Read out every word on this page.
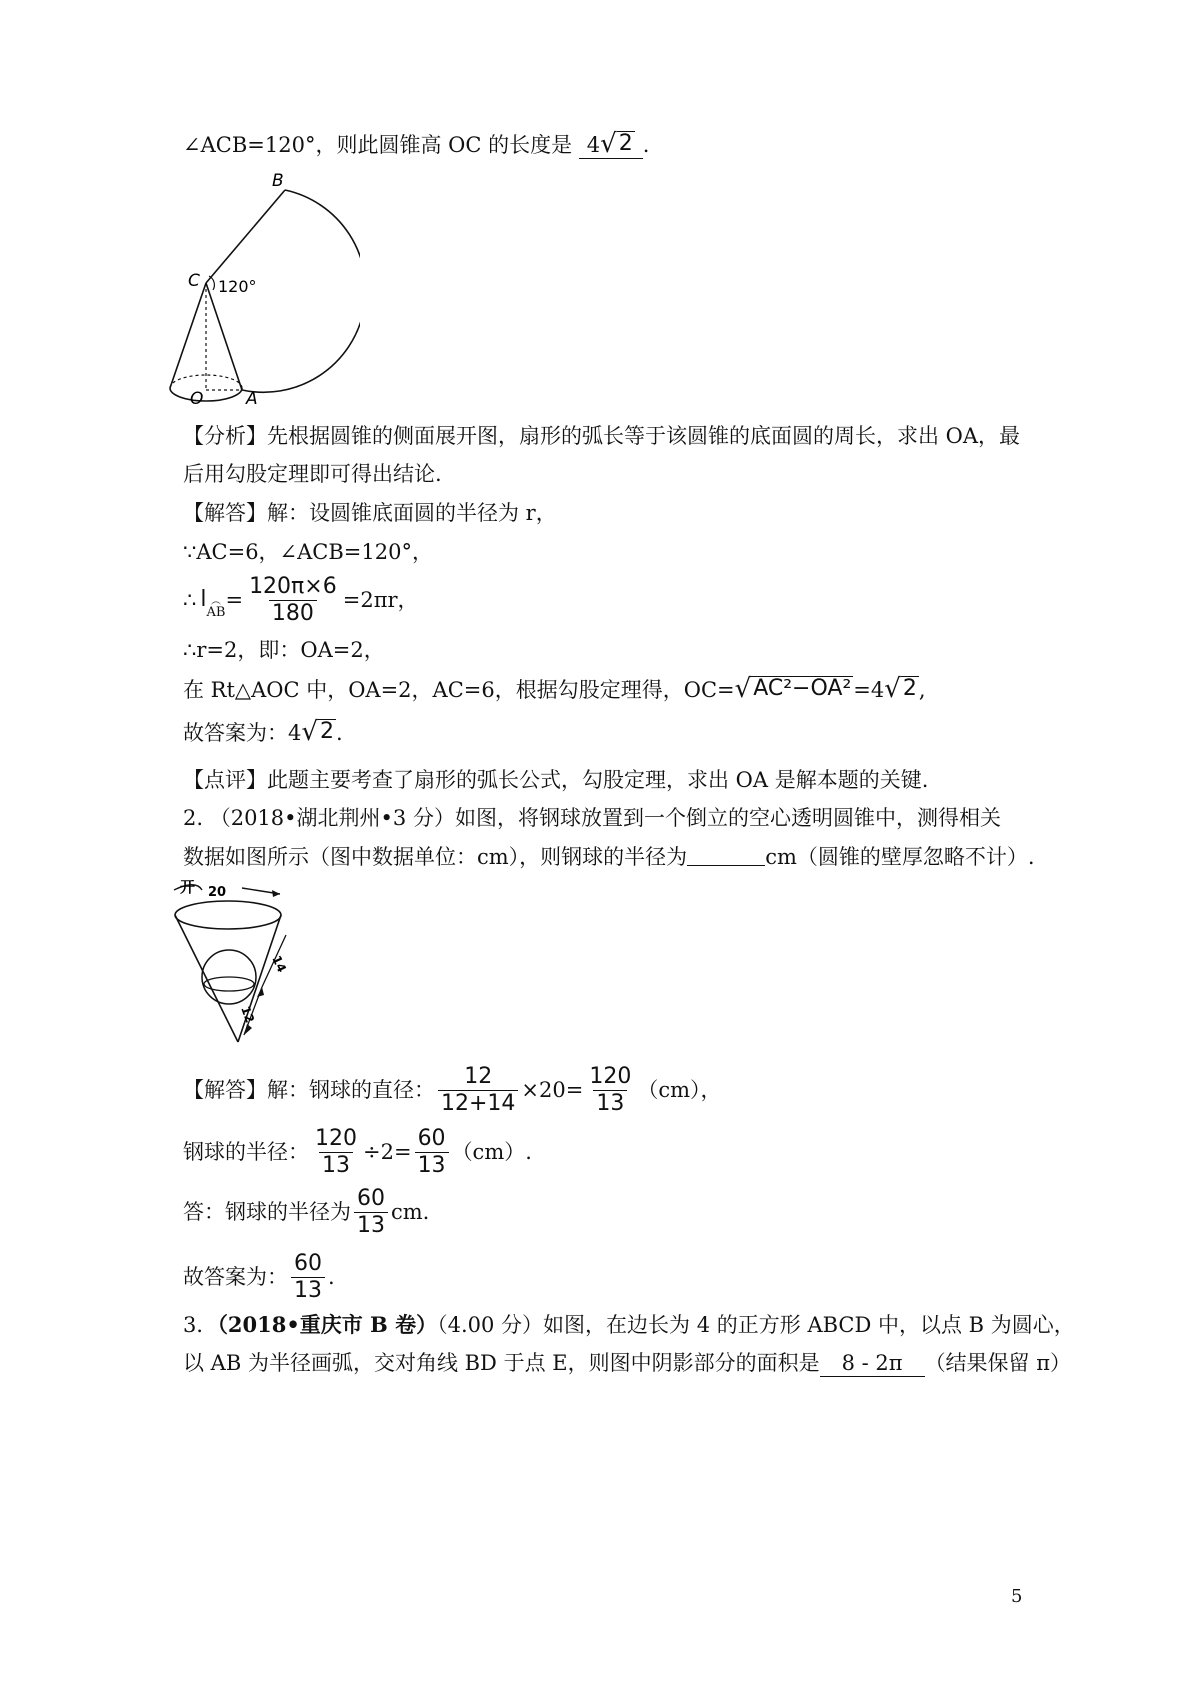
∠ACB=120°，则此圆锥高 OC 的长度是 4 √ 2 .
B
C 120°
O	A
【分析】先根据圆锥的侧面展开图，扇形的弧长等于该圆锥的底面圆的周长，求出 OA，最
后用勾股定理即可得出结论.
【解答】解：设圆锥底面圆的半径为 r，
∵AC=6，∠ACB=120°，
∴ l ︵
AB = $\frac{120\pi\times 6}{180} =2\pi r$，
∴r=2，即：OA=2，
在 Rt△AOC 中，OA=2，AC=6，根据勾股定理得，OC= √ AC²−OA² =4 √ 2 ,
故答案为：4 √ 2 .
【点评】此题主要考查了扇形的弧长公式，勾股定理，求出 OA 是解本题的关键.
2. （2018•湖北荆州•3 分）如图，将钢球放置到一个倒立的空心透明圆锥中，测得相关
数据如图所示（图中数据单位：cm），则钢球的半径为	cm（圆锥的壁厚忽略不计）.
20
开
14
12
【解答】解：钢球的直径： $\frac{12}{12+14} \times 20= \frac{120}{13} (cm)$，
钢球的半径： $\frac{120}{13} \div 2= \frac{60}{13} (cm)$.
答：钢球的半径为 $\frac{60}{13}$ cm.
故答案为： $\frac{60}{13}$ .
3．（2018•重庆市 B 卷）（4.00 分）如图，在边长为 4 的正方形 ABCD 中，以点 B 为圆心，
以 AB 为半径画弧，交对角线 BD 于点 E，则图中阴影部分的面积是 8 - 2π （结果保留 π）
5
